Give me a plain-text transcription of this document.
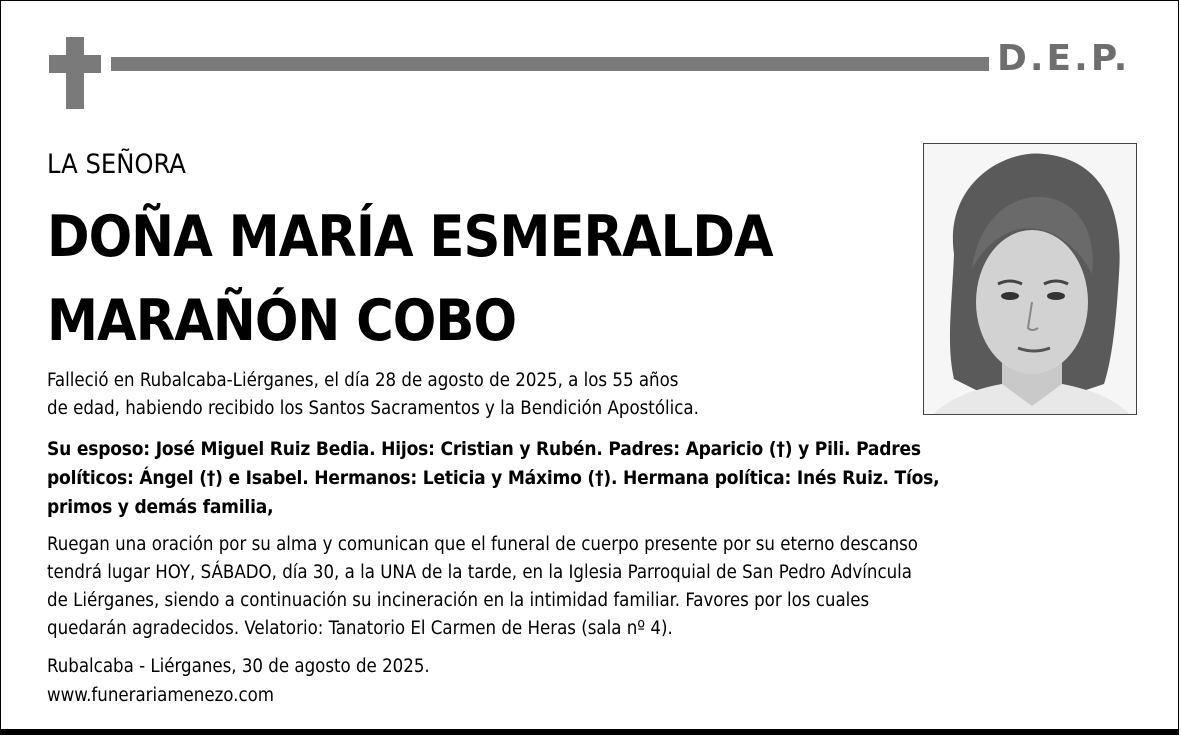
D.E.P.
LA SEÑORA
DOÑA MARÍA ESMERALDA
MARAÑÓN COBO
Falleció en Rubalcaba-Liérganes, el día 28 de agosto de 2025, a los 55 años
de edad, habiendo recibido los Santos Sacramentos y la Bendición Apostólica.
Su esposo: José Miguel Ruiz Bedia. Hijos: Cristian y Rubén. Padres: Aparicio (†) y Pili. Padres
políticos: Ángel (†) e Isabel. Hermanos: Leticia y Máximo (†). Hermana política: Inés Ruiz. Tíos,
primos y demás familia,
Ruegan una oración por su alma y comunican que el funeral de cuerpo presente por su eterno descanso
tendrá lugar HOY, SÁBADO, día 30, a la UNA de la tarde, en la Iglesia Parroquial de San Pedro Advíncula
de Liérganes, siendo a continuación su incineración en la intimidad familiar. Favores por los cuales
quedarán agradecidos. Velatorio: Tanatorio El Carmen de Heras (sala nº 4).
Rubalcaba - Liérganes, 30 de agosto de 2025.
www.funerariamenezo.com
